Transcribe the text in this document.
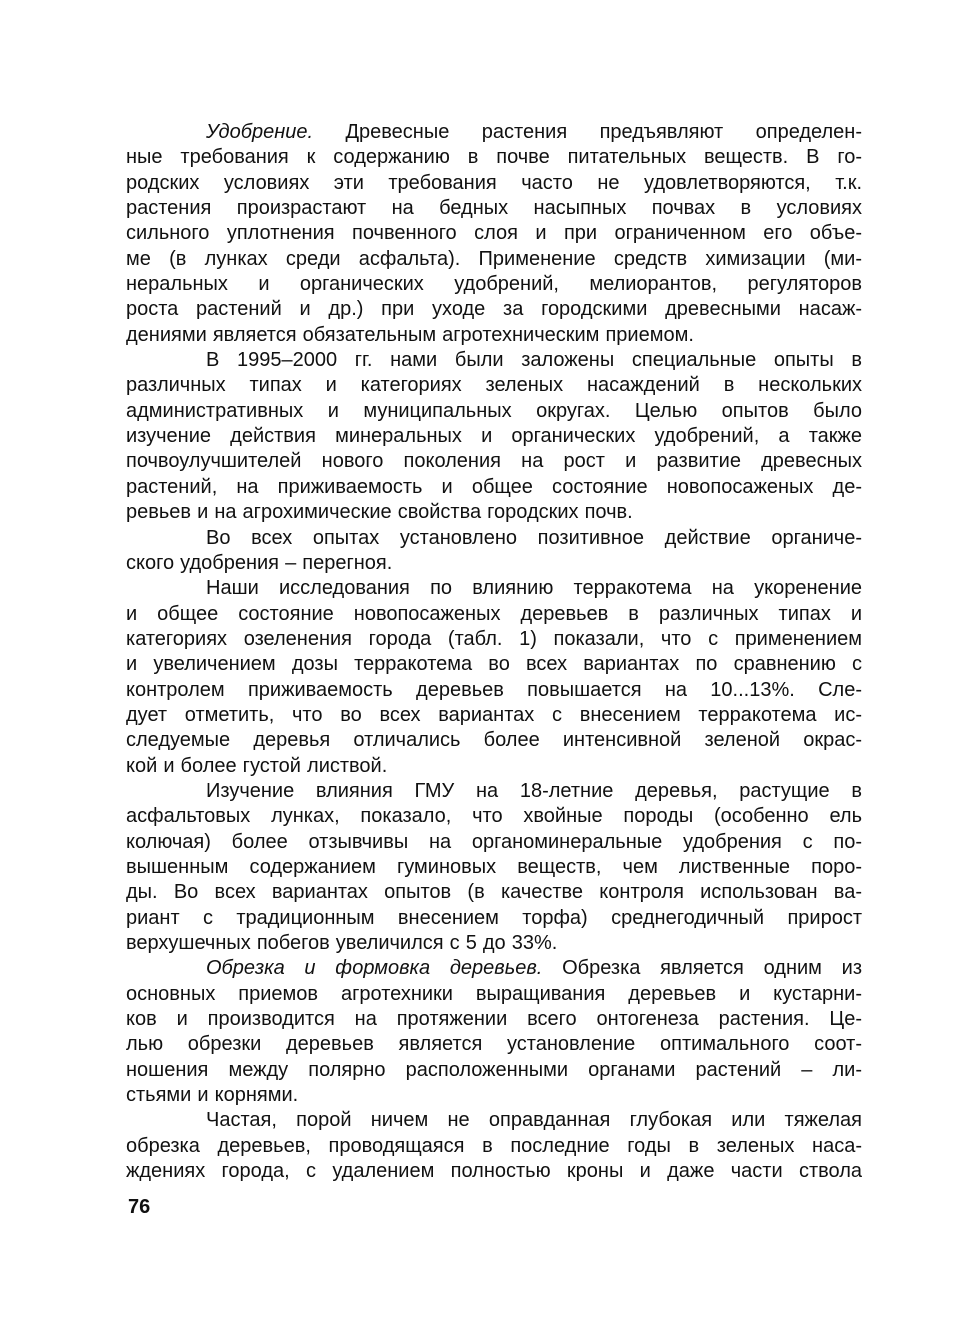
Удобрение. Древесные растения предъявляют определен-
ные требования к содержанию в почве питательных веществ. В го-
родских условиях эти требования часто не удовлетворяются, т.к.
растения произрастают на бедных насыпных почвах в условиях
сильного уплотнения почвенного слоя и при ограниченном его объе-
ме (в лунках среди асфальта). Применение средств химизации (ми-
неральных и органических удобрений, мелиорантов, регуляторов
роста растений и др.) при уходе за городскими древесными насаж-
дениями является обязательным агротехническим приемом.
В 1995–2000 гг. нами были заложены специальные опыты в
различных типах и категориях зеленых насаждений в нескольких
административных и муниципальных округах. Целью опытов было
изучение действия минеральных и органических удобрений, а также
почвоулучшителей нового поколения на рост и развитие древесных
растений, на приживаемость и общее состояние новопосаженых де-
ревьев и на агрохимические свойства городских почв.
Во всех опытах установлено позитивное действие органиче-
ского удобрения – перегноя.
Наши исследования по влиянию терракотема на укоренение
и общее состояние новопосаженых деревьев в различных типах и
категориях озеленения города (табл. 1) показали, что с применением
и увеличением дозы терракотема во всех вариантах по сравнению с
контролем приживаемость деревьев повышается на 10...13%. Сле-
дует отметить, что во всех вариантах с внесением терракотема ис-
следуемые деревья отличались более интенсивной зеленой окрас-
кой и более густой листвой.
Изучение влияния ГМУ на 18-летние деревья, растущие в
асфальтовых лунках, показало, что хвойные породы (особенно ель
колючая) более отзывчивы на органоминеральные удобрения с по-
вышенным содержанием гуминовых веществ, чем лиственные поро-
ды. Во всех вариантах опытов (в качестве контроля использован ва-
риант с традиционным внесением торфа) среднегодичный прирост
верхушечных побегов увеличился с 5 до 33%.
Обрезка и формовка деревьев. Обрезка является одним из
основных приемов агротехники выращивания деревьев и кустарни-
ков и производится на протяжении всего онтогенеза растения. Це-
лью обрезки деревьев является установление оптимального соот-
ношения между полярно расположенными органами растений – ли-
стьями и корнями.
Частая, порой ничем не оправданная глубокая или тяжелая
обрезка деревьев, проводящаяся в последние годы в зеленых наса-
ждениях города, с удалением полностью кроны и даже части ствола
76
